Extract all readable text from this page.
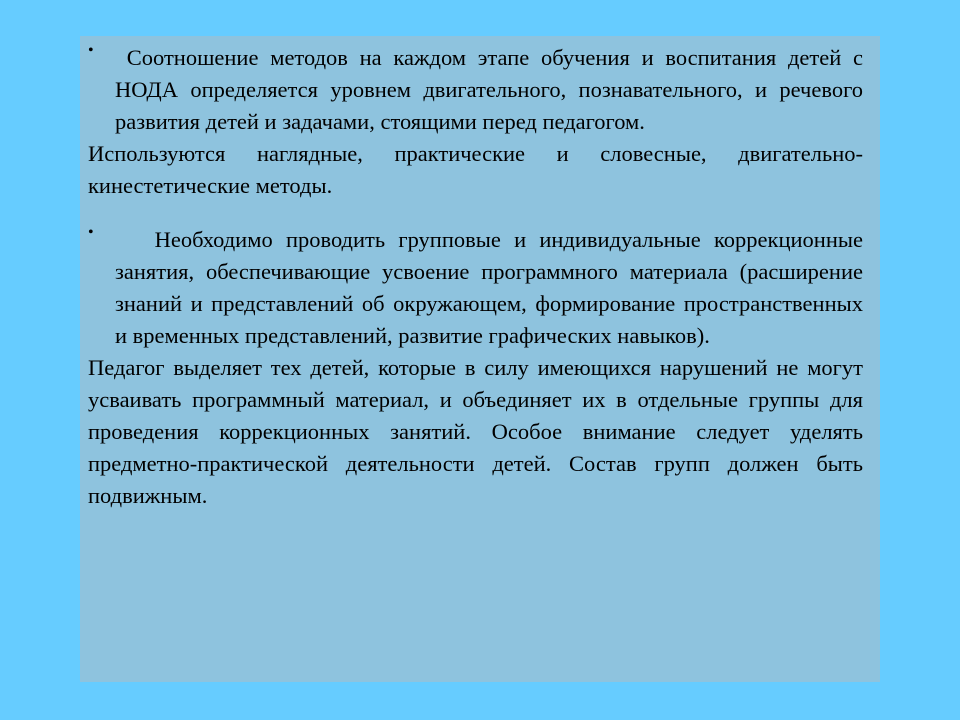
• Соотношение методов на каждом этапе обучения и воспитания детей с НОДА определяется уровнем двигательного, познавательного, и речевого развития детей и задачами, стоящими перед педагогом.
Используются наглядные, практические и словесные, двигательно-кинестетические методы.
• Необходимо проводить групповые и индивидуальные коррекционные занятия, обеспечивающие усвоение программного материала (расширение знаний и представлений об окружающем, формирование пространственных и временных представлений, развитие графических навыков).
Педагог выделяет тех детей, которые в силу имеющихся нарушений не могут усваивать программный материал, и объединяет их в отдельные группы для проведения коррекционных занятий. Особое внимание следует уделять предметно-практической деятельности детей. Состав групп должен быть подвижным.
